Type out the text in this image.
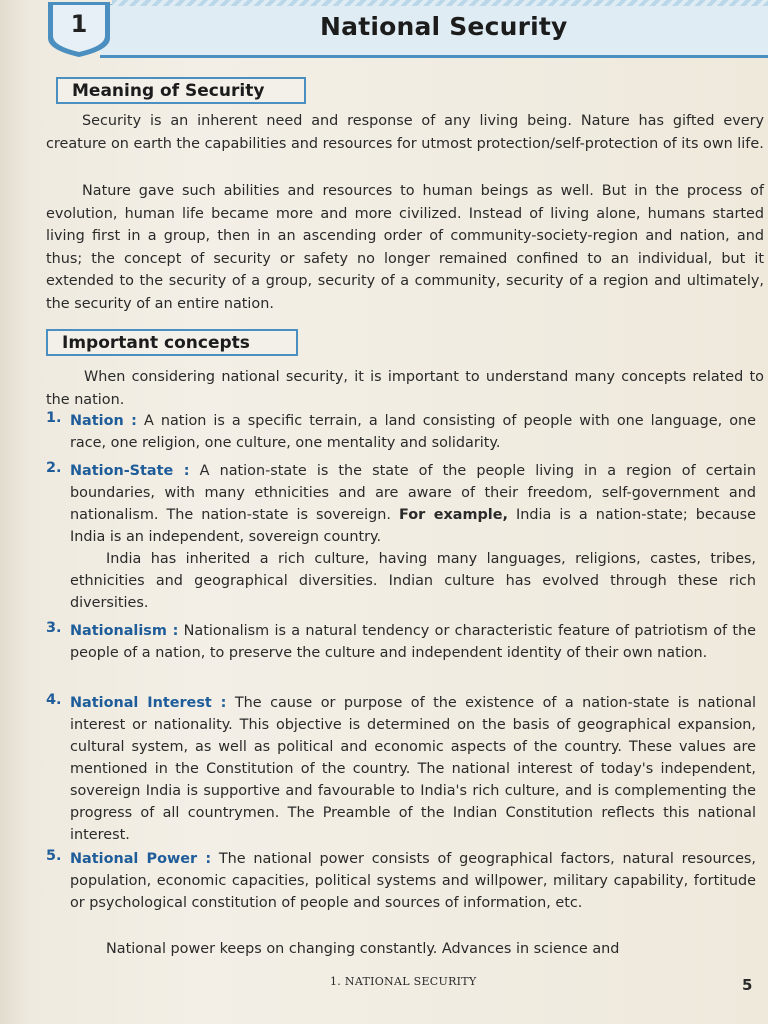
1	National Security
Meaning of Security

Security is an inherent need and response of any living being. Nature has gifted every creature on earth the capabilities and resources for utmost protection/self-protection of its own life.

Nature gave such abilities and resources to human beings as well. But in the process of evolution, human life became more and more civilized. Instead of living alone, humans started living first in a group, then in an ascending order of community-society-region and nation, and thus; the concept of security or safety no longer remained confined to an individual, but it extended to the security of a group, security of a community, security of a region and ultimately, the security of an entire nation.

Important concepts

When considering national security, it is important to understand many concepts related to the nation.

1. Nation : A nation is a specific terrain, a land consisting of people with one language, one race, one religion, one culture, one mentality and solidarity.

2. Nation-State : A nation-state is the state of the people living in a region of certain boundaries, with many ethnicities and are aware of their freedom, self-government and nationalism. The nation-state is sovereign. For example, India is a nation-state; because India is an independent, sovereign country.

India has inherited a rich culture, having many languages, religions, castes, tribes, ethnicities and geographical diversities. Indian culture has evolved through these rich diversities.

3. Nationalism : Nationalism is a natural tendency or characteristic feature of patriotism of the people of a nation, to preserve the culture and independent identity of their own nation.

4. National Interest : The cause or purpose of the existence of a nation-state is national interest or nationality. This objective is determined on the basis of geographical expansion, cultural system, as well as political and economic aspects of the country. These values are mentioned in the Constitution of the country. The national interest of today's independent, sovereign India is supportive and favourable to India's rich culture, and is complementing the progress of all countrymen. The Preamble of the Indian Constitution reflects this national interest.

5. National Power : The national power consists of geographical factors, natural resources, population, economic capacities, political systems and willpower, military capability, fortitude or psychological constitution of people and sources of information, etc.

National power keeps on changing constantly. Advances in science and

1. NATIONAL SECURITY	5
